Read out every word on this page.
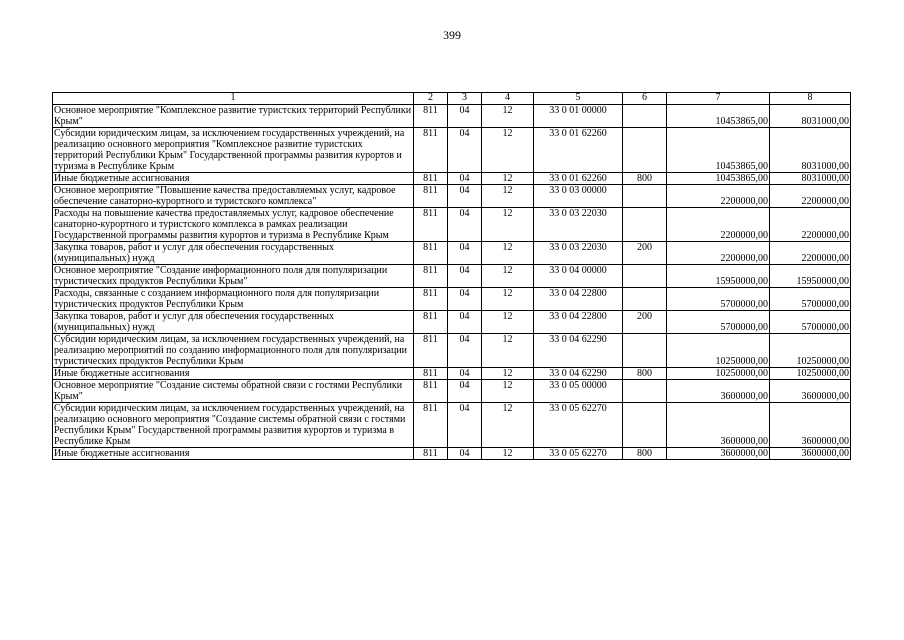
399
1	2	3	4	5	6	7	8
Основное мероприятие "Комплексное развитие туристских территорий Республики Крым"	811	04	12	33 0 01 00000		10453865,00	8031000,00
Субсидии юридическим лицам, за исключением государственных учреждений, на реализацию основного мероприятия "Комплексное развитие туристских территорий Республики Крым" Государственной программы развития курортов и туризма в Республике Крым	811	04	12	33 0 01 62260		10453865,00	8031000,00
Иные бюджетные ассигнования	811	04	12	33 0 01 62260	800	10453865,00	8031000,00
Основное мероприятие "Повышение качества предоставляемых услуг, кадровое обеспечение санаторно-курортного и туристского комплекса"	811	04	12	33 0 03 00000		2200000,00	2200000,00
Расходы на повышение качества предоставляемых услуг, кадровое обеспечение санаторно-курортного и туристского комплекса в рамках реализации Государственной программы развития курортов и туризма в Республике Крым	811	04	12	33 0 03 22030		2200000,00	2200000,00
Закупка товаров, работ и услуг для обеспечения государственных (муниципальных) нужд	811	04	12	33 0 03 22030	200	2200000,00	2200000,00
Основное мероприятие "Создание информационного поля для популяризации туристических продуктов Республики Крым"	811	04	12	33 0 04 00000		15950000,00	15950000,00
Расходы, связанные с созданием информационного поля для популяризации туристических продуктов Республики Крым	811	04	12	33 0 04 22800		5700000,00	5700000,00
Закупка товаров, работ и услуг для обеспечения государственных (муниципальных) нужд	811	04	12	33 0 04 22800	200	5700000,00	5700000,00
Субсидии юридическим лицам, за исключением государственных учреждений, на реализацию мероприятий по созданию информационного поля для популяризации туристических продуктов Республики Крым	811	04	12	33 0 04 62290		10250000,00	10250000,00
Иные бюджетные ассигнования	811	04	12	33 0 04 62290	800	10250000,00	10250000,00
Основное мероприятие "Создание системы обратной связи с гостями Республики Крым"	811	04	12	33 0 05 00000		3600000,00	3600000,00
Субсидии юридическим лицам, за исключением государственных учреждений, на реализацию основного мероприятия "Создание системы обратной связи с гостями Республики Крым" Государственной программы развития курортов и туризма в Республике Крым	811	04	12	33 0 05 62270		3600000,00	3600000,00
Иные бюджетные ассигнования	811	04	12	33 0 05 62270	800	3600000,00	3600000,00
